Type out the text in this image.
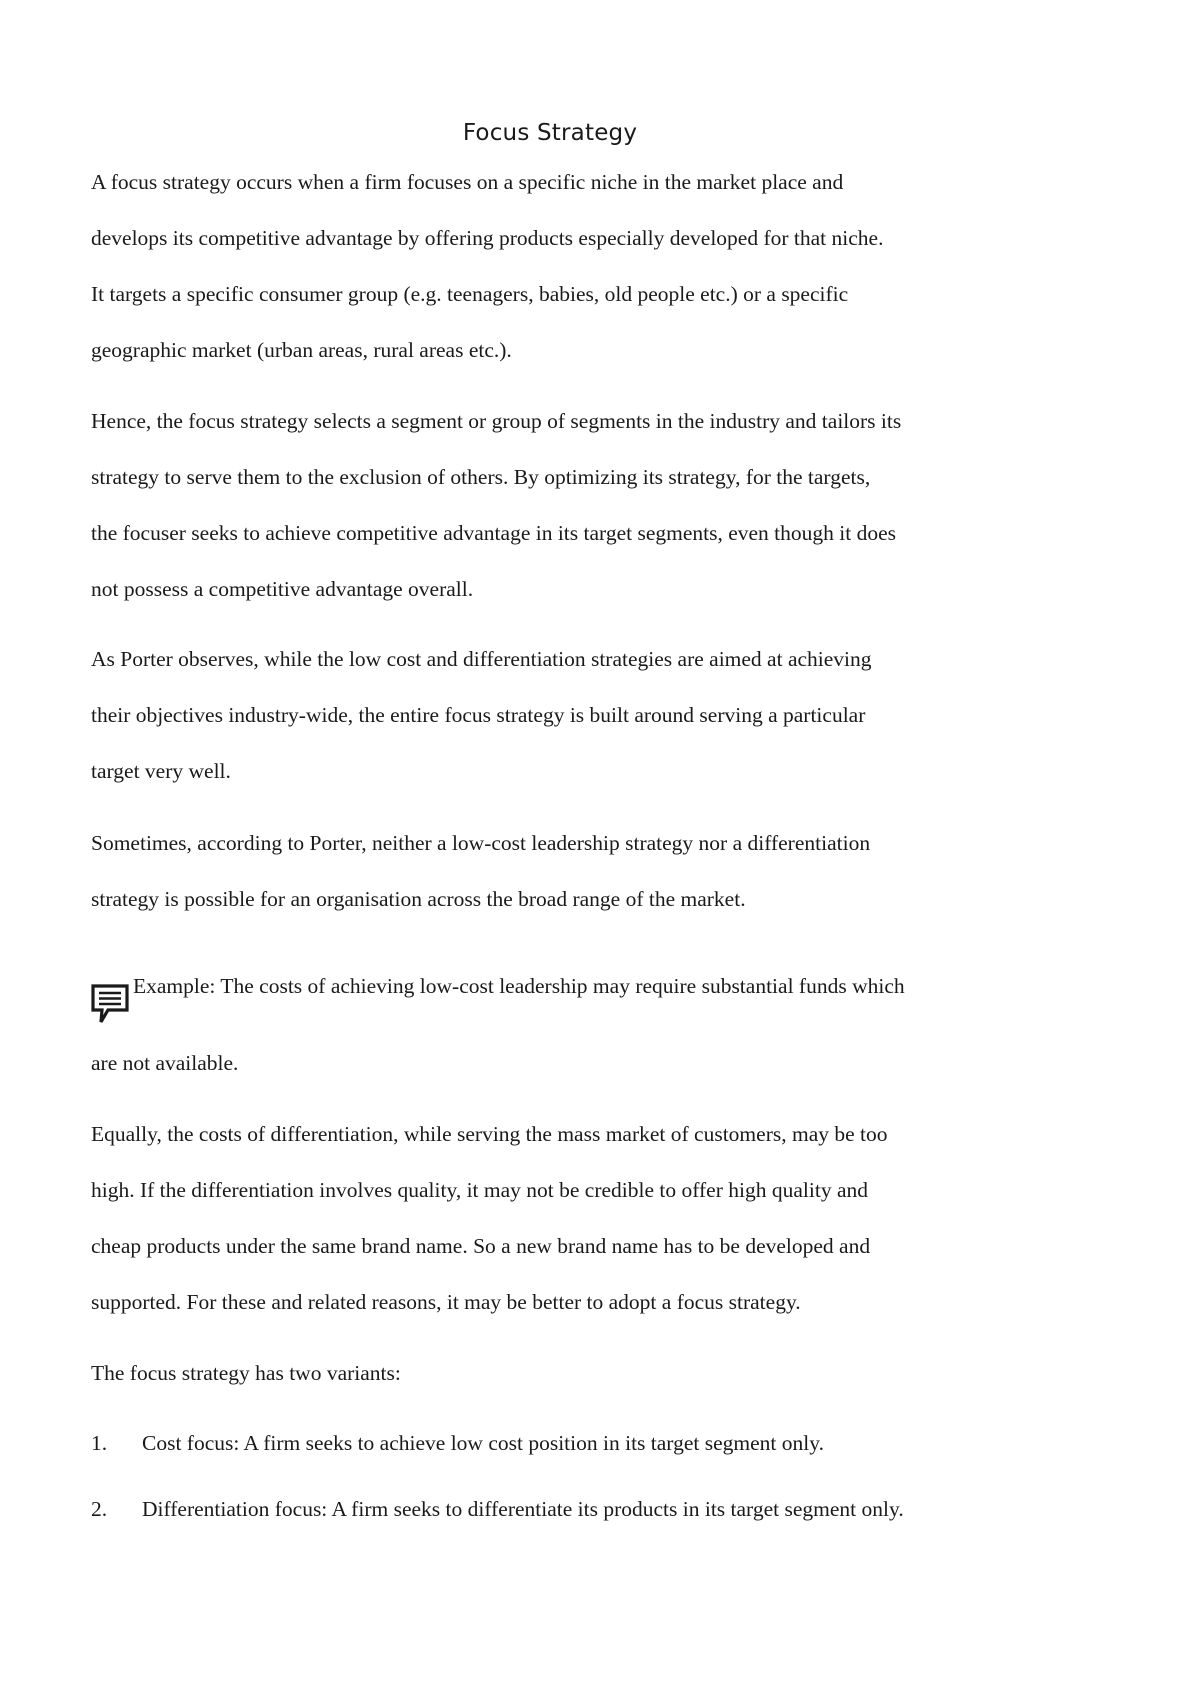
Focus Strategy
A focus strategy occurs when a firm focuses on a specific niche in the market place and
develops its competitive advantage by offering products especially developed for that niche.
It targets a specific consumer group (e.g. teenagers, babies, old people etc.) or a specific
geographic market (urban areas, rural areas etc.).
Hence, the focus strategy selects a segment or group of segments in the industry and tailors its
strategy to serve them to the exclusion of others. By optimizing its strategy, for the targets,
the focuser seeks to achieve competitive advantage in its target segments, even though it does
not possess a competitive advantage overall.
As Porter observes, while the low cost and differentiation strategies are aimed at achieving
their objectives industry-wide, the entire focus strategy is built around serving a particular
target very well.
Sometimes, according to Porter, neither a low-cost leadership strategy nor a differentiation
strategy is possible for an organisation across the broad range of the market.
Example: The costs of achieving low-cost leadership may require substantial funds which
are not available.
Equally, the costs of differentiation, while serving the mass market of customers, may be too
high. If the differentiation involves quality, it may not be credible to offer high quality and
cheap products under the same brand name. So a new brand name has to be developed and
supported. For these and related reasons, it may be better to adopt a focus strategy.
The focus strategy has two variants:
1. Cost focus: A firm seeks to achieve low cost position in its target segment only.
2. Differentiation focus: A firm seeks to differentiate its products in its target segment only.
